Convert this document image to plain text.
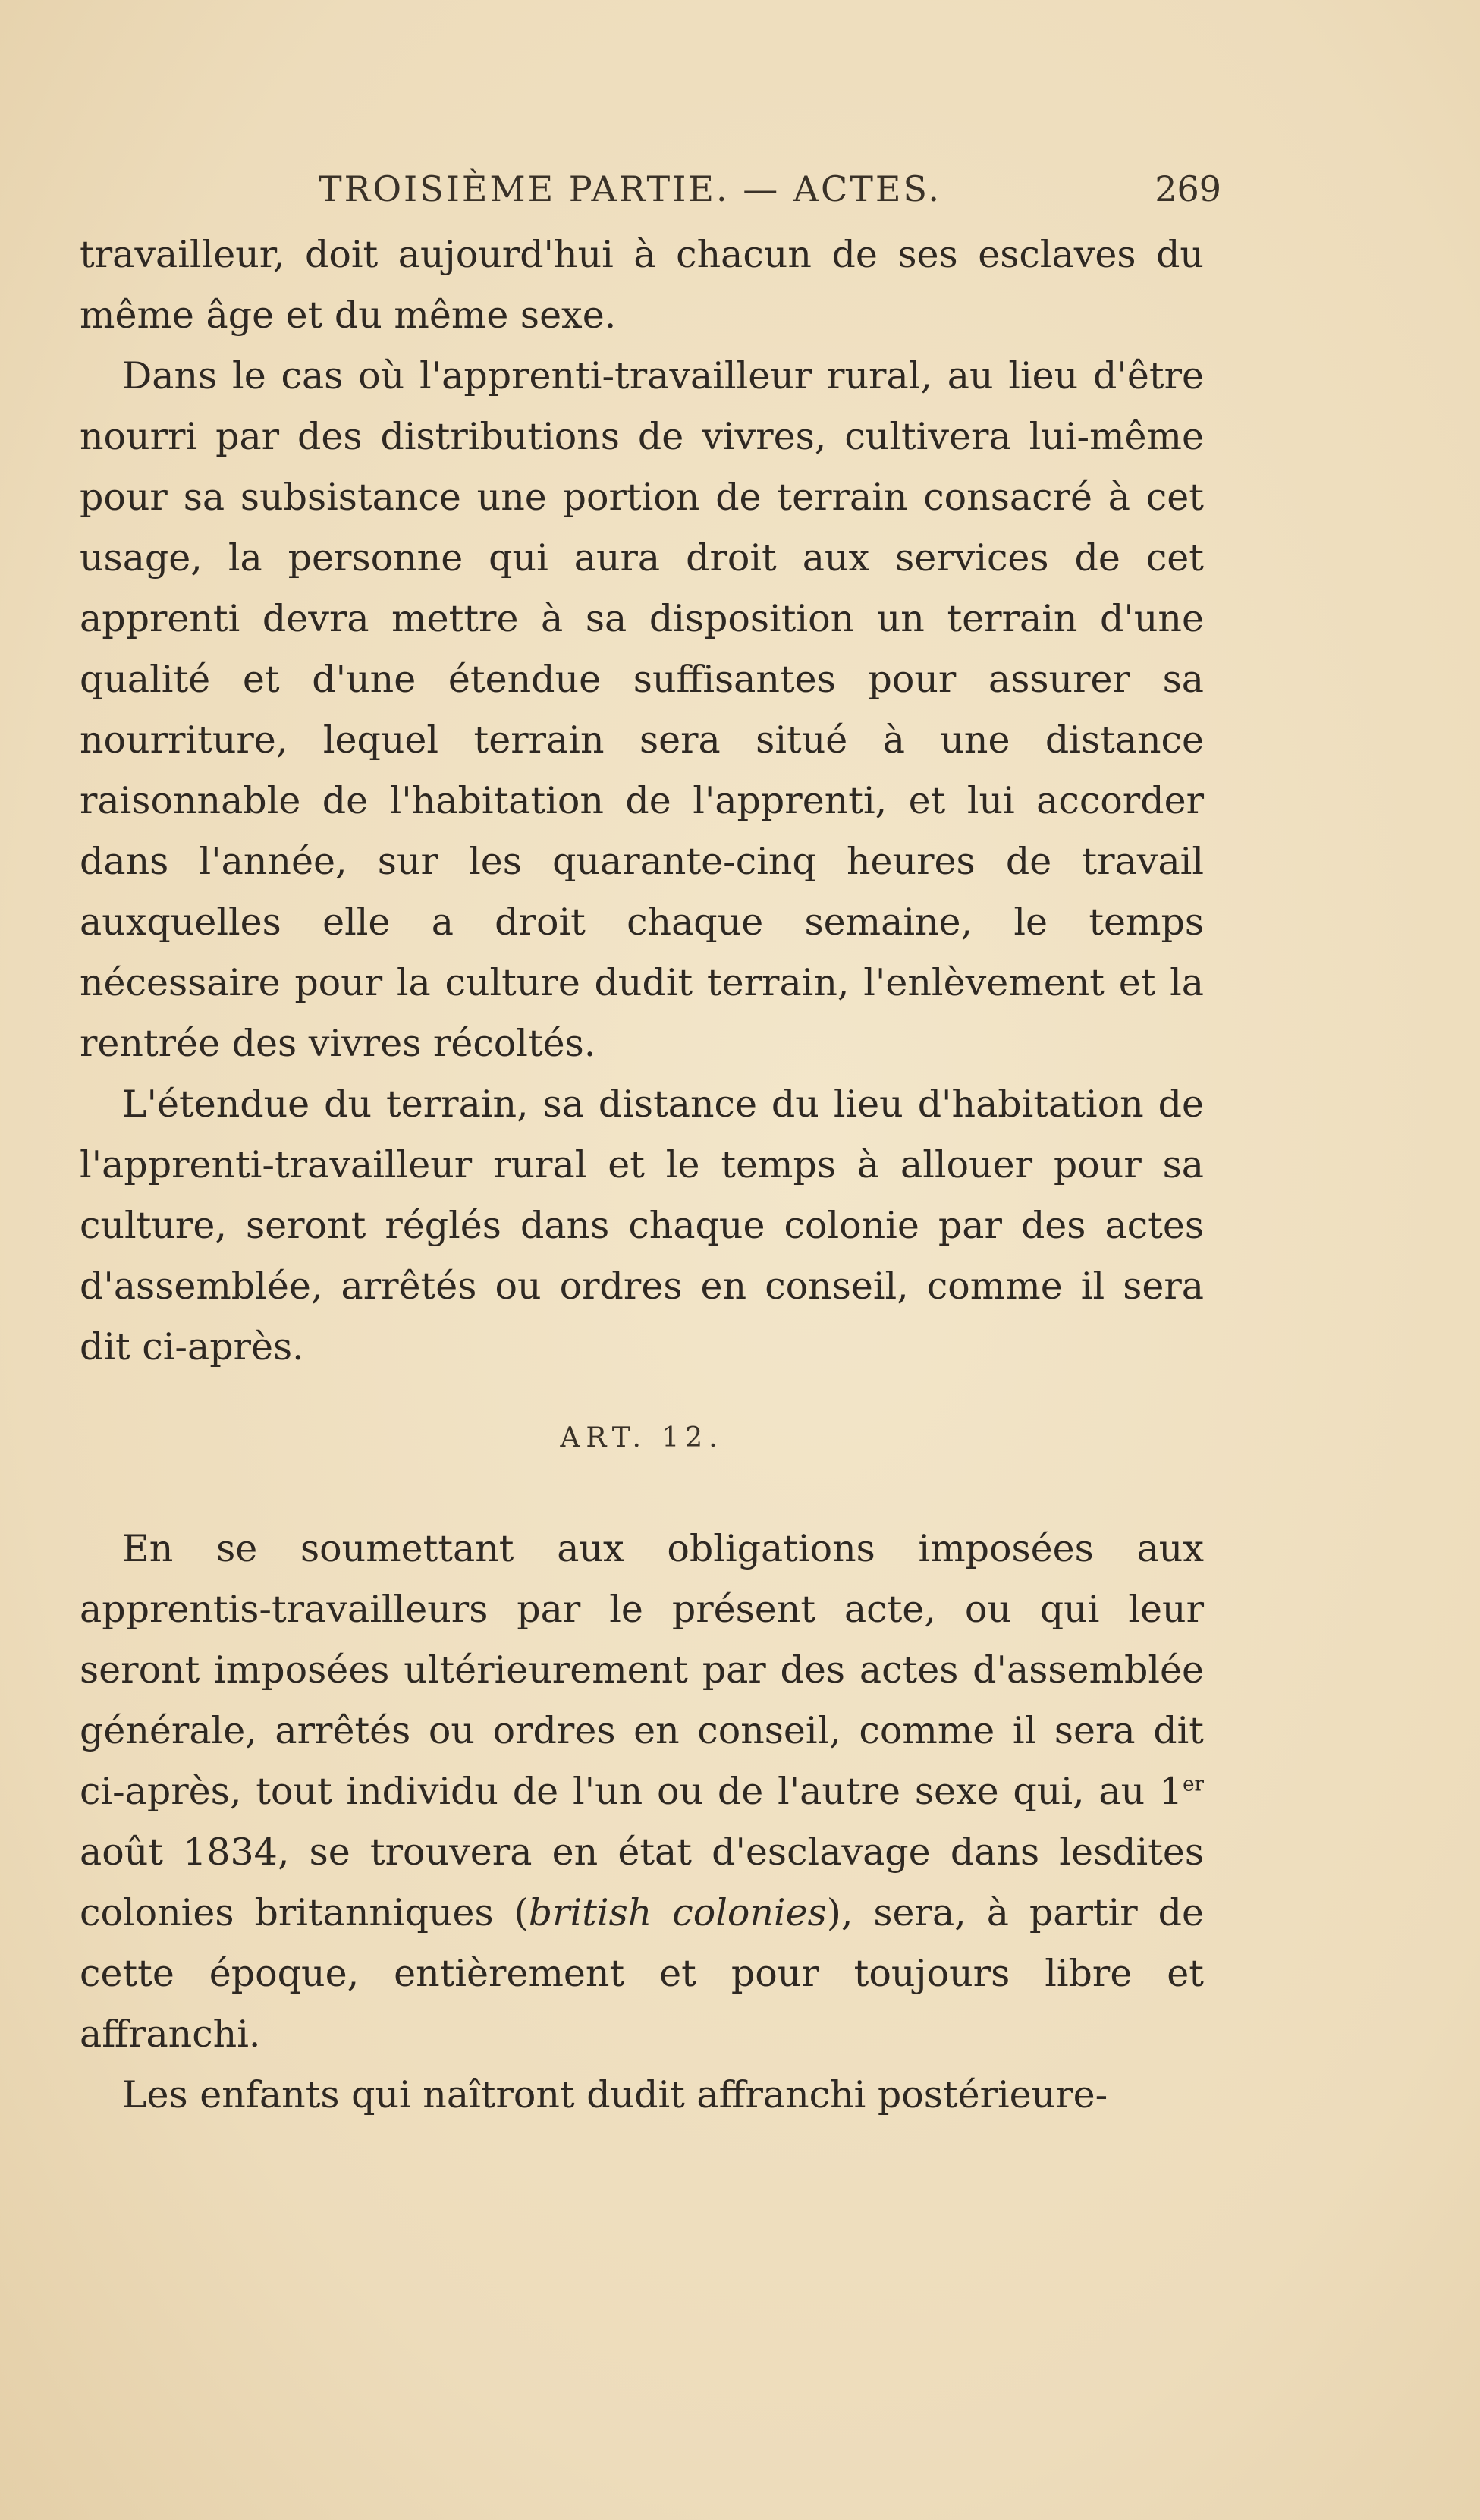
TROISIÈME PARTIE. — ACTES.	269

travailleur, doit aujourd'hui à chacun de ses esclaves du même âge et du même sexe.

Dans le cas où l'apprenti-travailleur rural, au lieu d'être nourri par des distributions de vivres, cultivera lui-même pour sa subsistance une portion de terrain consacré à cet usage, la personne qui aura droit aux services de cet apprenti devra mettre à sa disposition un terrain d'une qualité et d'une étendue suffisantes pour assurer sa nourriture, lequel terrain sera situé à une distance raisonnable de l'habitation de l'apprenti, et lui accorder dans l'année, sur les quarante-cinq heures de travail auxquelles elle a droit chaque semaine, le temps nécessaire pour la culture dudit terrain, l'enlèvement et la rentrée des vivres récoltés.

L'étendue du terrain, sa distance du lieu d'habitation de l'apprenti-travailleur rural et le temps à allouer pour sa culture, seront réglés dans chaque colonie par des actes d'assemblée, arrêtés ou ordres en conseil, comme il sera dit ci-après.

ART. 12.

En se soumettant aux obligations imposées aux apprentis-travailleurs par le présent acte, ou qui leur seront imposées ultérieurement par des actes d'assemblée générale, arrêtés ou ordres en conseil, comme il sera dit ci-après, tout individu de l'un ou de l'autre sexe qui, au 1er août 1834, se trouvera en état d'esclavage dans lesdites colonies britanniques (british colonies), sera, à partir de cette époque, entièrement et pour toujours libre et affranchi.

Les enfants qui naîtront dudit affranchi postérieure-
